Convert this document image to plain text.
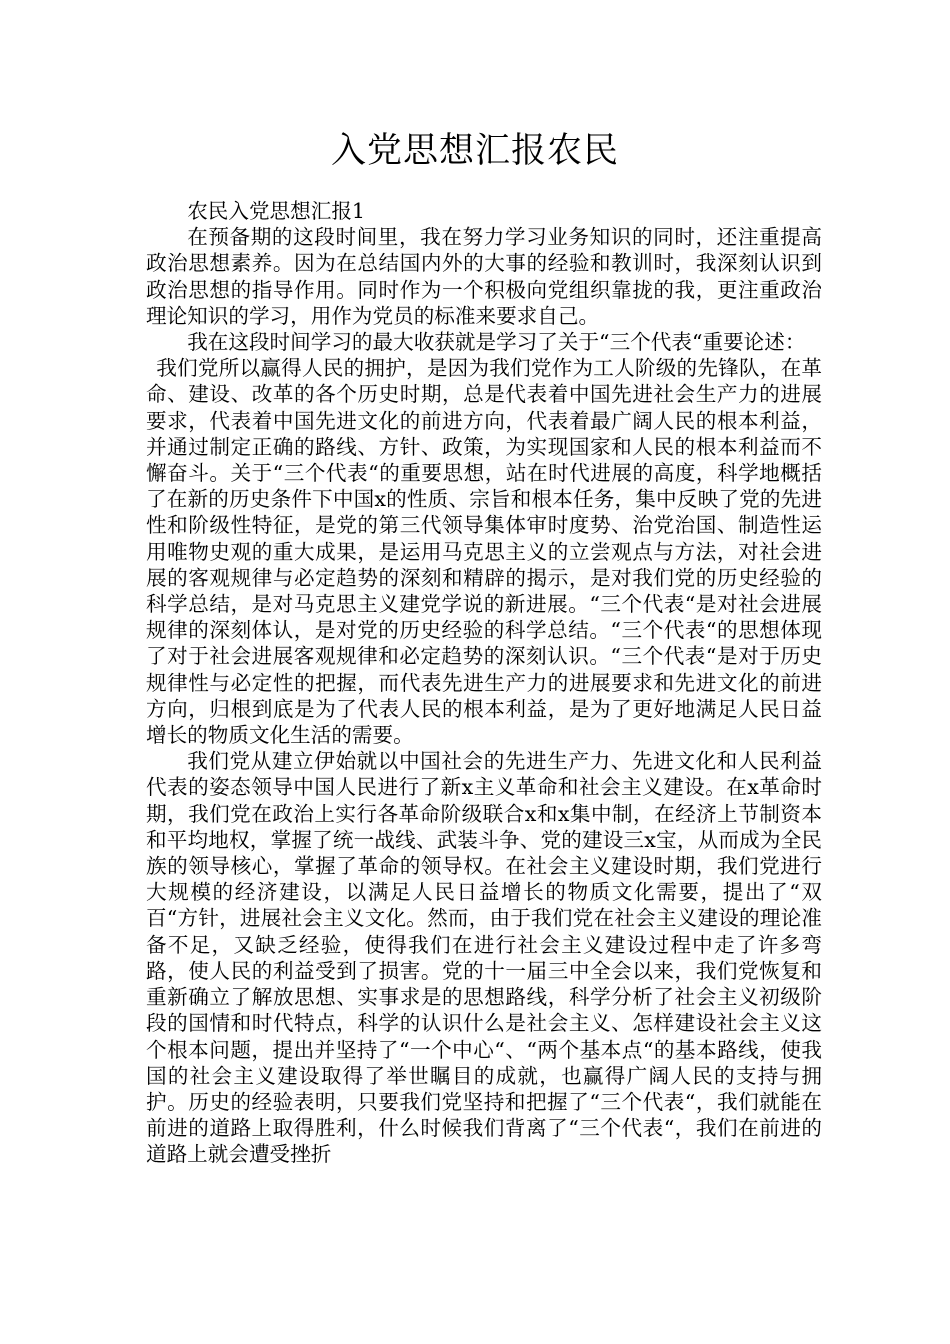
入党思想汇报农民

农民入党思想汇报1

在预备期的这段时间里，我在努力学习业务知识的同时，还注重提高政治思想素养。因为在总结国内外的大事的经验和教训时，我深刻认识到政治思想的指导作用。同时作为一个积极向党组织靠拢的我，更注重政治理论知识的学习，用作为党员的标准来要求自己。

我在这段时间学习的最大收获就是学习了关于“三个代表“重要论述：

我们党所以赢得人民的拥护，是因为我们党作为工人阶级的先锋队，在革命、建设、改革的各个历史时期，总是代表着中国先进社会生产力的进展要求，代表着中国先进文化的前进方向，代表着最广阔人民的根本利益，并通过制定正确的路线、方针、政策，为实现国家和人民的根本利益而不懈奋斗。关于“三个代表“的重要思想，站在时代进展的高度，科学地概括了在新的历史条件下中国x的性质、宗旨和根本任务，集中反映了党的先进性和阶级性特征，是党的第三代领导集体审时度势、治党治国、制造性运用唯物史观的重大成果，是运用马克思主义的立尝观点与方法，对社会进展的客观规律与必定趋势的深刻和精辟的揭示，是对我们党的历史经验的科学总结，是对马克思主义建党学说的新进展。“三个代表“是对社会进展规律的深刻体认，是对党的历史经验的科学总结。“三个代表“的思想体现了对于社会进展客观规律和必定趋势的深刻认识。“三个代表“是对于历史规律性与必定性的把握，而代表先进生产力的进展要求和先进文化的前进方向，归根到底是为了代表人民的根本利益，是为了更好地满足人民日益增长的物质文化生活的需要。

我们党从建立伊始就以中国社会的先进生产力、先进文化和人民利益代表的姿态领导中国人民进行了新x主义革命和社会主义建设。在x革命时期，我们党在政治上实行各革命阶级联合x和x集中制，在经济上节制资本和平均地权，掌握了统一战线、武装斗争、党的建设三x宝，从而成为全民族的领导核心，掌握了革命的领导权。在社会主义建设时期，我们党进行大规模的经济建设，以满足人民日益增长的物质文化需要，提出了“双百“方针，进展社会主义文化。然而，由于我们党在社会主义建设的理论准备不足，又缺乏经验，使得我们在进行社会主义建设过程中走了许多弯路，使人民的利益受到了损害。党的十一届三中全会以来，我们党恢复和重新确立了解放思想、实事求是的思想路线，科学分析了社会主义初级阶段的国情和时代特点，科学的认识什么是社会主义、怎样建设社会主义这个根本问题，提出并坚持了“一个中心“、“两个基本点“的基本路线，使我国的社会主义建设取得了举世瞩目的成就，也赢得广阔人民的支持与拥护。历史的经验表明，只要我们党坚持和把握了“三个代表“，我们就能在前进的道路上取得胜利，什么时候我们背离了“三个代表“，我们在前进的道路上就会遭受挫折
